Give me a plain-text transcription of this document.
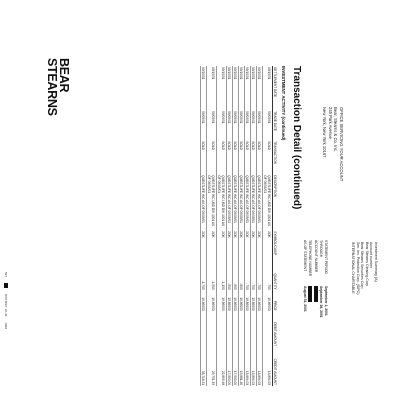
BEAR
STEARNS
OFFICE SERVICING YOUR ACCOUNT
Bear, Stearns & Co. Inc.
245 Park Avenue
New York, New York 10167
Investment Summary (A)
Account number
Bear Stearns Clearing Corp
Bear Stearns Securities Corp
Sec. Inv. Protection Corp. (SIPC)
INTERNATIONAL CHARITABLE
STATEMENT PERIOD
September 1, 2001
THROUGH
September 28, 2001
ACCOUNT NUMBER
TELEPHONE NUMBER
AS OF STATEMENT
August 31, 2001
Transaction Detail (continued)
INVESTMENT ACTIVITY (continued)
SETTLEMENT DATE	TRADE DATE	TRANSACTION	DESCRIPTION	SYMBOL/CUSIP	QUANTITY	PRICE	DEBIT AMOUNT	CREDIT AMOUNT
09/10/01	09/05/01	SOLD	QUESTLIFE INC USD DIV 1001 AS OF 09/05/01	2OK	-700	19.89000		13,894.03
09/10/01	09/05/01	SOLD	QUESTLIFE INC AS OF 09/05/01	2OK	-700	19.89000		13,894.03
09/10/01	09/05/01	SOLD	QUESTLIFE INC AS OF 09/05/01	2OK	-700	19.89000		13,894.03
09/10/01	09/05/01	SOLD	QUESTLIFE INC AS OF 09/05/01	2OK	-700	19.89000		13,894.03
09/10/01	09/05/01	SOLD	QUESTLIFE INC AS OF 09/05/01	2OK	-800	19.89000		15,881.46
09/10/01	09/05/01	SOLD	QUESTLIFE INC AS OF 09/05/01	2OK	-900	19.89000		17,900.00
09/10/01	09/05/01	SOLD	QUESTLIFE INC AS OF 09/05/01	2OK	-900	19.89000		17,900.00
09/10/01	09/05/01	SOLD	QUESTLIFE INC USD DIV 1001 AS OF 09/05/01	2OK	-1,150	19.89000		22,859.48
09/10/01	09/05/01	SOLD	QUESTLIFE INC USD DIV 1001 AS OF 09/05/01	2OK	-1,500	19.89000		29,751.33
09/10/01	09/05/01	SOLD	QUESTLIFE INC AS OF 09/05/01	2OK	-1,700	19.89000		33,718.31
597
DISTRICT 10-46
1969
